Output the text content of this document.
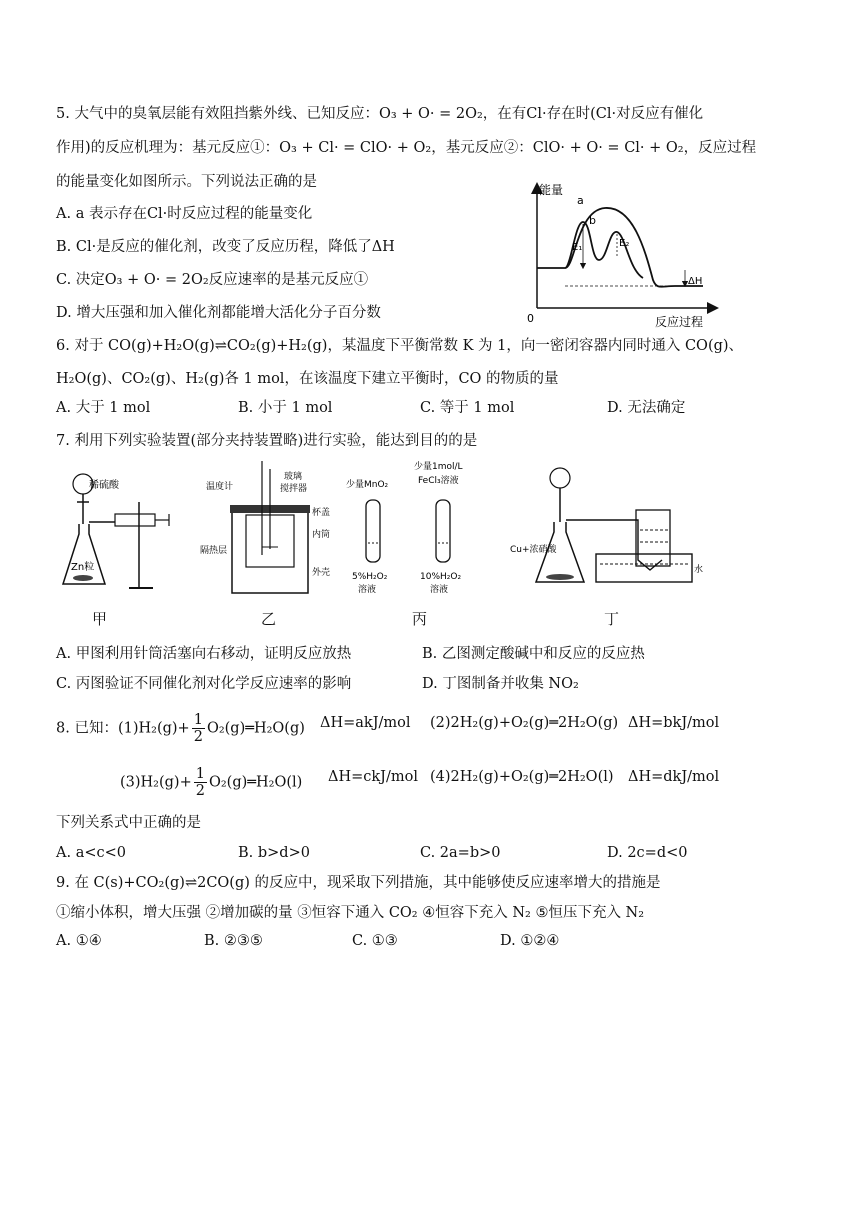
5. 大气中的臭氧层能有效阻挡紫外线、已知反应：O₃ + O· = 2O₂，在有Cl·存在时(Cl·对反应有催化
作用)的反应机理为：基元反应①：O₃ + Cl· = ClO· + O₂，基元反应②：ClO· + O· = Cl· + O₂，反应过程
的能量变化如图所示。下列说法正确的是
A. a 表示存在Cl·时反应过程的能量变化
B. Cl·是反应的催化剂，改变了反应历程，降低了ΔH
C. 决定O₃ + O· = 2O₂反应速率的是基元反应①
D. 增大压强和加入催化剂都能增大活化分子百分数
能量
0	反应过程
a
b
E₁	E₂
ΔH
6. 对于 CO(g)+H₂O(g)⇌CO₂(g)+H₂(g)，某温度下平衡常数 K 为 1，向一密闭容器内同时通入 CO(g)、
H₂O(g)、CO₂(g)、H₂(g)各 1 mol，在该温度下建立平衡时，CO 的物质的量
A. 大于 1 mol	B. 小于 1 mol	C. 等于 1 mol	D. 无法确定
7. 利用下列实验装置(部分夹持装置略)进行实验，能达到目的的是
稀硫酸
Zn粒
甲
温度计
玻璃
搅拌器
杯盖
内筒
隔热层
外壳
乙
少量MnO₂
少量1mol/L
FeCl₃溶液
5%H₂O₂
溶液
10%H₂O₂
溶液
丙
Cu+浓硝酸
水
丁
A. 甲图利用针筒活塞向右移动，证明反应放热	B. 乙图测定酸碱中和反应的反应热
C. 丙图验证不同催化剂对化学反应速率的影响	D. 丁图制备并收集 NO₂
8. 已知：$(1)H_2(g)+ \frac{1}{2}$ O₂(g)═H₂O(g) ΔH=akJ/mol (2)2H₂(g)+O₂(g)═2H₂O(g) ΔH=bkJ/mol
$(3)H_2(g)+ \frac{1}{2}$ O₂(g)═H₂O(l) ΔH=ckJ/mol (4)2H₂(g)+O₂(g)═2H₂O(l) ΔH=dkJ/mol
下列关系式中正确的是
A. a<c<0	B. b>d>0	C. 2a=b>0	D. 2c=d<0
9. 在 C(s)+CO₂(g)⇌2CO(g) 的反应中，现采取下列措施，其中能够使反应速率增大的措施是
①缩小体积，增大压强 ②增加碳的量 ③恒容下通入 CO₂ ④恒容下充入 N₂ ⑤恒压下充入 N₂
A. ①④	B. ②③⑤	C. ①③	D. ①②④
